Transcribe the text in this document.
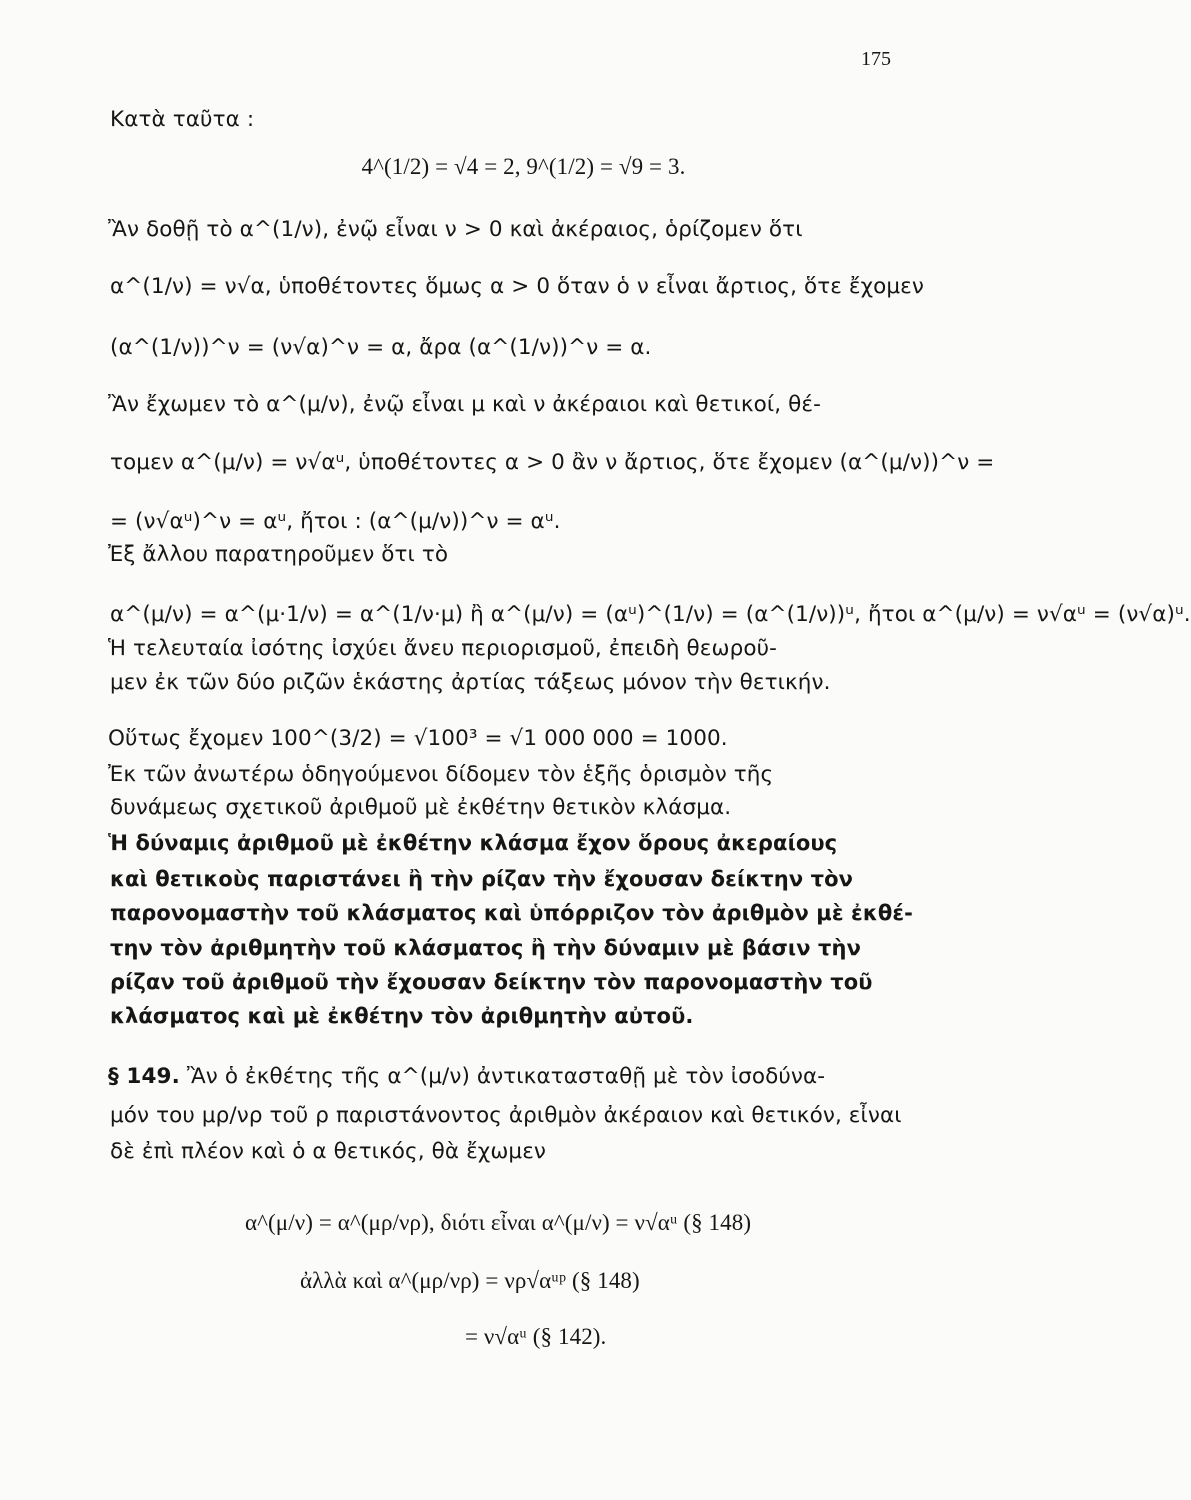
175
Κατὰ ταῦτα :
4^(1/2) = √4 = 2, 9^(1/2) = √9 = 3.
Ἂν δοθῇ τὸ α^(1/ν), ἐνῷ εἶναι ν > 0 καὶ ἀκέραιος, ὁρίζομεν ὅτι
α^(1/ν) = ν√α, ὑποθέτοντες ὅμως α > 0 ὅταν ὁ ν εἶναι ἄρτιος, ὅτε ἔχομεν
(α^(1/ν))^ν = (ν√α)^ν = α, ἄρα (α^(1/ν))^ν = α.
Ἂν ἔχωμεν τὸ α^(μ/ν), ἐνῷ εἶναι μ καὶ ν ἀκέραιοι καὶ θετικοί, θέ-
τομεν α^(μ/ν) = ν√αᵘ, ὑποθέτοντες α > 0 ἂν ν ἄρτιος, ὅτε ἔχομεν (α^(μ/ν))^ν =
= (ν√αᵘ)^ν = αᵘ, ἤτοι : (α^(μ/ν))^ν = αᵘ.
Ἐξ ἄλλου παρατηροῦμεν ὅτι τὸ
α^(μ/ν) = α^(μ·1/ν) = α^(1/ν·μ) ἢ α^(μ/ν) = (αᵘ)^(1/ν) = (α^(1/ν))ᵘ, ἤτοι α^(μ/ν) = ν√αᵘ = (ν√α)ᵘ.
Ἡ τελευταία ἰσότης ἰσχύει ἄνευ περιορισμοῦ, ἐπειδὴ θεωροῦ-
μεν ἐκ τῶν δύο ριζῶν ἑκάστης ἀρτίας τάξεως μόνον τὴν θετικήν.
Οὕτως ἔχομεν 100^(3/2) = √100³ = √1 000 000 = 1000.
Ἐκ τῶν ἀνωτέρω ὁδηγούμενοι δίδομεν τὸν ἑξῆς ὁρισμὸν τῆς
δυνάμεως σχετικοῦ ἀριθμοῦ μὲ ἐκθέτην θετικὸν κλάσμα.
Ἡ δύναμις ἀριθμοῦ μὲ ἐκθέτην κλάσμα ἔχον ὅρους ἀκεραίους
καὶ θετικοὺς παριστάνει ἢ τὴν ρίζαν τὴν ἔχουσαν δείκτην τὸν
παρονομαστὴν τοῦ κλάσματος καὶ ὑπόρριζον τὸν ἀριθμὸν μὲ ἐκθέ-
την τὸν ἀριθμητὴν τοῦ κλάσματος ἢ τὴν δύναμιν μὲ βάσιν τὴν
ρίζαν τοῦ ἀριθμοῦ τὴν ἔχουσαν δείκτην τὸν παρονομαστὴν τοῦ
κλάσματος καὶ μὲ ἐκθέτην τὸν ἀριθμητὴν αὐτοῦ.
§ 149. Ἂν ὁ ἐκθέτης τῆς α^(μ/ν) ἀντικατασταθῇ μὲ τὸν ἰσοδύνα-
μόν του μρ/νρ τοῦ ρ παριστάνοντος ἀριθμὸν ἀκέραιον καὶ θετικόν, εἶναι
δὲ ἐπὶ πλέον καὶ ὁ α θετικός, θὰ ἔχωμεν
α^(μ/ν) = α^(μρ/νρ), διότι εἶναι α^(μ/ν) = ν√αᵘ (§ 148)
ἀλλὰ καὶ α^(μρ/νρ) = νρ√αᵘᵖ (§ 148)
= ν√αᵘ (§ 142).
